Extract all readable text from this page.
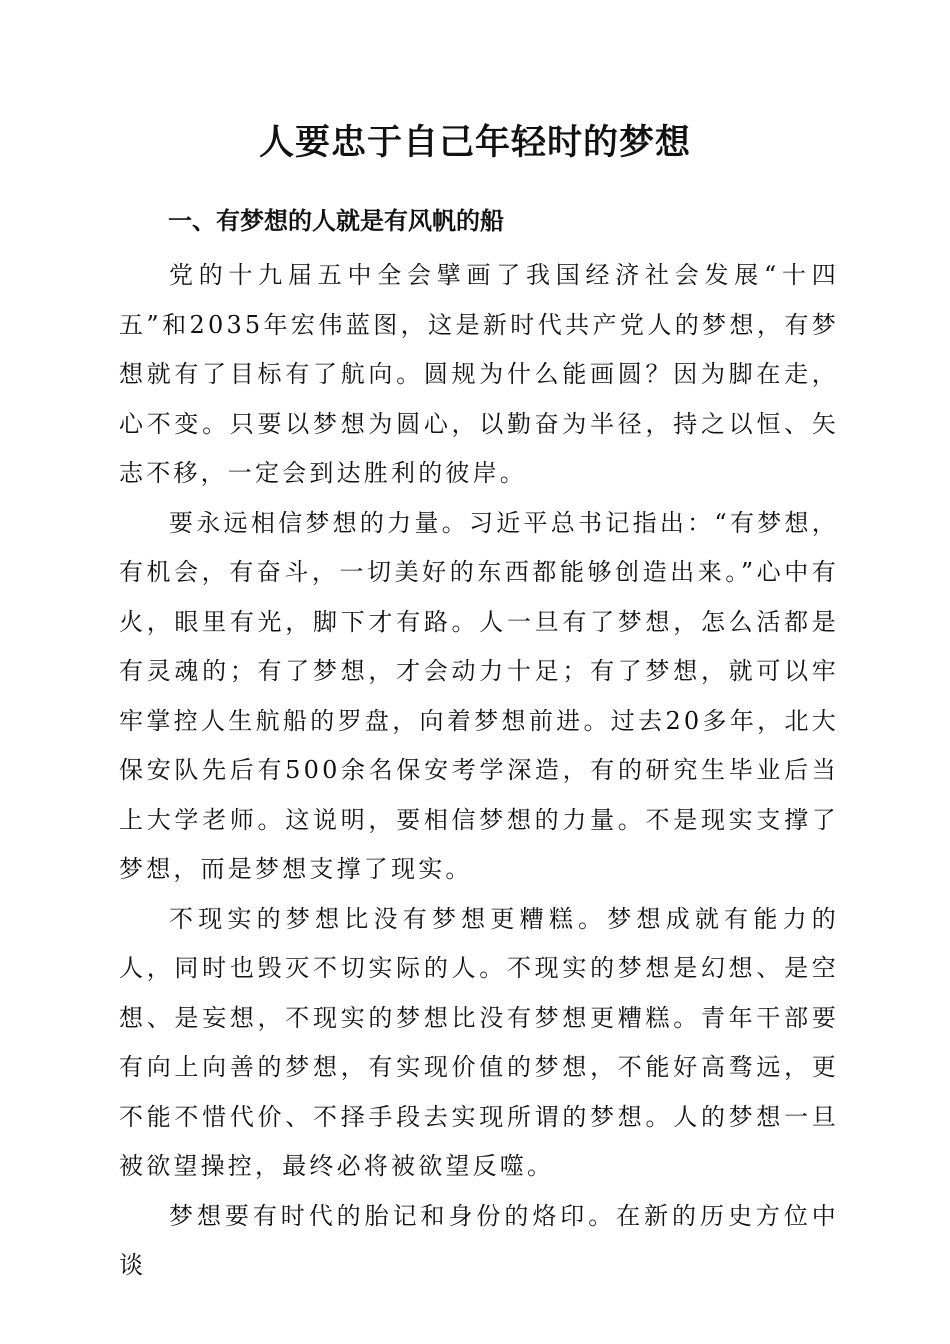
人要忠于自己年轻时的梦想
一、有梦想的人就是有风帆的船

党的十九届五中全会擘画了我国经济社会发展“十四五”和2035年宏伟蓝图，这是新时代共产党人的梦想，有梦想就有了目标有了航向。圆规为什么能画圆？因为脚在走，心不变。只要以梦想为圆心，以勤奋为半径，持之以恒、矢志不移，一定会到达胜利的彼岸。

要永远相信梦想的力量。习近平总书记指出：“有梦想，有机会，有奋斗，一切美好的东西都能够创造出来。”心中有火，眼里有光，脚下才有路。人一旦有了梦想，怎么活都是有灵魂的；有了梦想，才会动力十足；有了梦想，就可以牢牢掌控人生航船的罗盘，向着梦想前进。过去20多年，北大保安队先后有500余名保安考学深造，有的研究生毕业后当上大学老师。这说明，要相信梦想的力量。不是现实支撑了梦想，而是梦想支撑了现实。

不现实的梦想比没有梦想更糟糕。梦想成就有能力的人，同时也毁灭不切实际的人。不现实的梦想是幻想、是空想、是妄想，不现实的梦想比没有梦想更糟糕。青年干部要有向上向善的梦想，有实现价值的梦想，不能好高骛远，更不能不惜代价、不择手段去实现所谓的梦想。人的梦想一旦被欲望操控，最终必将被欲望反噬。

梦想要有时代的胎记和身份的烙印。在新的历史方位中谈
